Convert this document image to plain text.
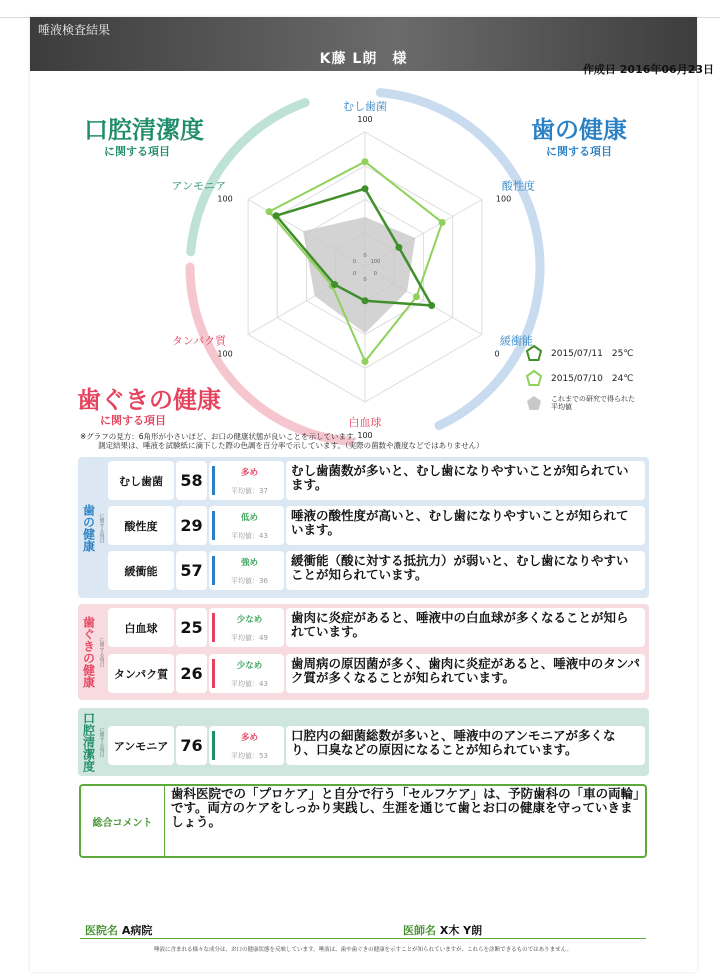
唾液検査結果
K藤 L朗　様
作成日 2016年06月23日
口腔清潔度
に関する項目
歯の健康
に関する項目
歯ぐきの健康
に関する項目
むし歯菌
100
酸性度
100
緩衝能
0
白血球
100
タンパク質
100
アンモニア
100
0
100
0
0
0
0
2015/07/11　25℃
2015/07/10　24℃
これまでの研究で得られた
平均値
※グラフの見方：6角形が小さいほど、お口の健康状態が良いことを示しています。
測定結果は、唾液を試験紙に滴下した際の色調を百分率で示しています。（実際の菌数や濃度などではありません）
歯の健康 に関する項目
むし歯菌	58	多め
平均値：37
むし歯菌数が多いと、むし歯になりやすいことが知られています。
酸性度	29	低め
平均値：43
唾液の酸性度が高いと、むし歯になりやすいことが知られています。
緩衝能	57	強め
平均値：36
緩衝能（酸に対する抵抗力）が弱いと、むし歯になりやすいことが知られています。
歯ぐきの健康 に関する項目
白血球	25	少なめ
平均値：49
歯肉に炎症があると、唾液中の白血球が多くなることが知られています。
タンパク質 26	少なめ
平均値：43
歯周病の原因菌が多く、歯肉に炎症があると、唾液中のタンパク質が多くなることが知られています。
口腔清潔度 に関する項目 アンモニア 76	多め
平均値：53
口腔内の細菌総数が多いと、唾液中のアンモニアが多くなり、口臭などの原因になることが知られています。
総合コメント
歯科医院での「プロケア」と自分で行う「セルフケア」は、予防歯科の「車の両輪」です。両方のケアをしっかり実践し、生涯を通じて歯とお口の健康を守っていきましょう。
医院名 A病院	医師名 X木 Y朗
唾液に含まれる様々な成分は、お口の健康状態を反映しています。唾液は、歯や歯ぐきの健康を示すことが知られていますが、これらを診断できるものではありません。
